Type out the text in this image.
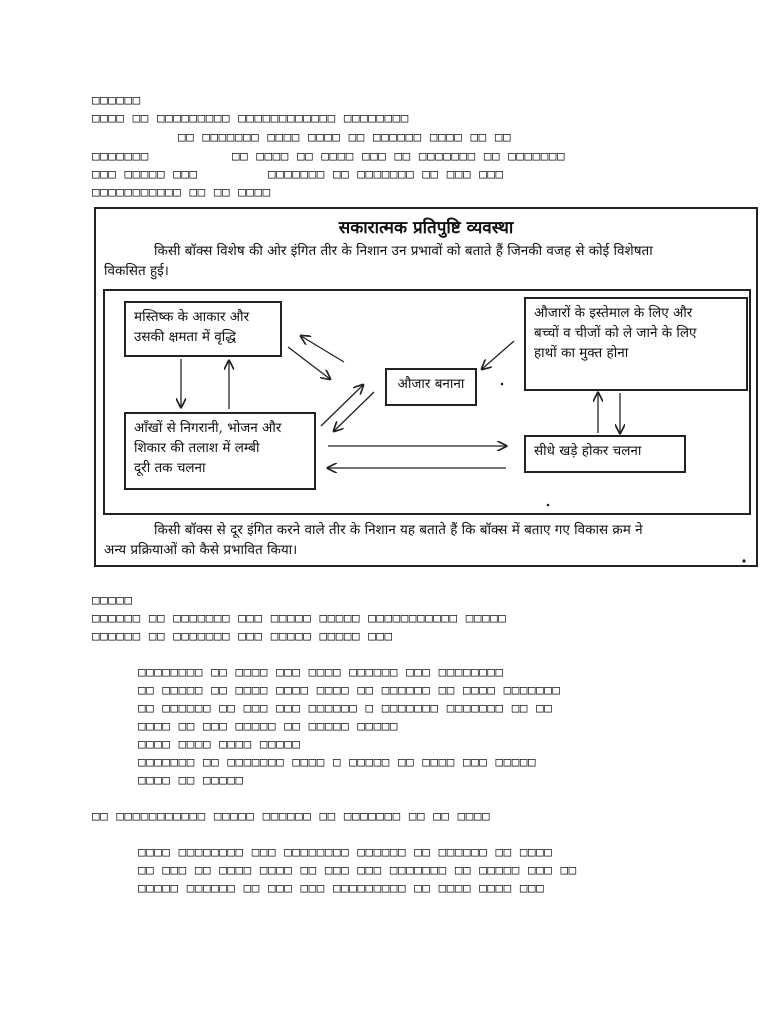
□□□□□□
□□□□ □□ □□□□□□□□□ □□□□□□□□□□□□ □□□□□□□□
□□ □□□□□□□ □□□□ □□□□ □□ □□□□□□ □□□□ □□ □□
□□□□□□□	□□ □□□□ □□ □□□□ □□□ □□ □□□□□□□ □□ □□□□□□□
□□□ □□□□□ □□□	□□□□□□□ □□ □□□□□□□ □□ □□□ □□□
□□□□□□□□□□□ □□ □□ □□□□
सकारात्मक प्रतिपुष्टि व्यवस्था
किसी बॉक्स विशेष की ओर इंगित तीर के निशान उन प्रभावों को बताते हैं जिनकी वजह से कोई विशेषता
विकसित हुई।
मस्तिष्क के आकार और
उसकी क्षमता में वृद्धि
आँखों से निगरानी, भोजन और
शिकार की तलाश में लम्बी
दूरी तक चलना
औजार बनाना
औजारों के इस्तेमाल के लिए और
बच्चों व चीजों को ले जाने के लिए
हाथों का मुक्त होना
सीधे खड़े होकर चलना
किसी बॉक्स से दूर इंगित करने वाले तीर के निशान यह बताते हैं कि बॉक्स में बताए गए विकास क्रम ने
अन्य प्रक्रियाओं को कैसे प्रभावित किया।
□□□□□
□□□□□□ □□ □□□□□□□ □□□ □□□□□ □□□□□ □□□□□□□□□□□ □□□□□
□□□□□□ □□ □□□□□□□ □□□ □□□□□ □□□□□ □□□
□□□□□□□□ □□ □□□□ □□□ □□□□ □□□□□□ □□□ □□□□□□□□
□□ □□□□□ □□ □□□□ □□□□ □□□□ □□ □□□□□□ □□ □□□□ □□□□□□□
□□ □□□□□□ □□ □□□ □□□ □□□□□□ □ □□□□□□□ □□□□□□□ □□ □□
□□□□ □□ □□□ □□□□□ □□ □□□□□ □□□□□
□□□□ □□□□ □□□□ □□□□□
□□□□□□□ □□ □□□□□□□ □□□□ □ □□□□□ □□ □□□□ □□□ □□□□□
□□□□ □□ □□□□□
□□ □□□□□□□□□□□ □□□□□ □□□□□□ □□ □□□□□□□ □□ □□ □□□□
□□□□ □□□□□□□□ □□□ □□□□□□□□ □□□□□□ □□ □□□□□□ □□ □□□□
□□ □□□ □□ □□□□ □□□□ □□ □□□ □□□ □□□□□□□ □□ □□□□□ □□□ □□
□□□□□ □□□□□□ □□ □□□ □□□ □□□□□□□□□ □□ □□□□ □□□□ □□□
